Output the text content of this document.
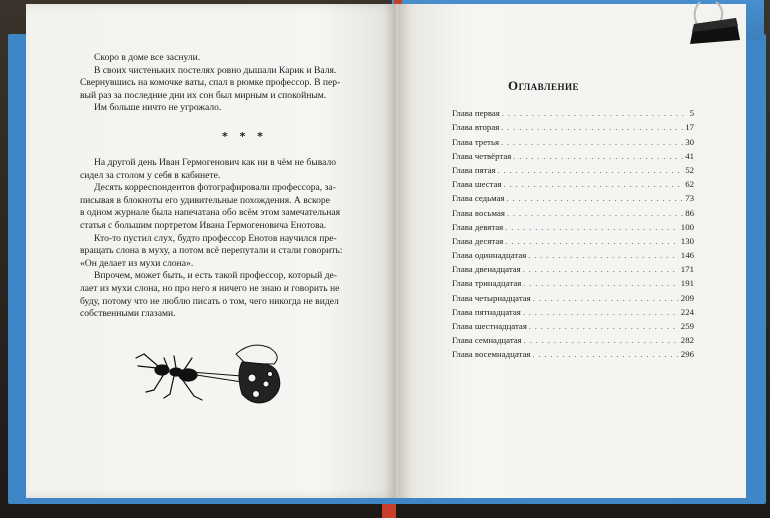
Скоро в доме все заснули.

В своих чистеньких постелях ровно дышали Карик и Валя.

Свернувшись на комочке ваты, спал в рюмке профессор. В пер-

вый раз за последние дни их сон был мирным и спокойным.

Им больше ничто не угрожало.

* * *

На другой день Иван Гермогенович как ни в чём не бывало

сидел за столом у себя в кабинете.

Десять корреспондентов фотографировали профессора, за-

писывая в блокноты его удивительные похождения. А вскоре

в одном журнале была напечатана обо всём этом замечательная

статья с большим портретом Ивана Гермогеновича Енотова.

Кто-то пустил слух, будто профессор Енотов научился пре-

вращать слона в муху, а потом всё перепутали и стали говорить:

«Он делает из мухи слона».

Впрочем, может быть, и есть такой профессор, который де-

лает из мухи слона, но про него я ничего не знаю и говорить не

буду, потому что не люблю писать о том, чего никогда не видел

собственными глазами.

Оглавление
Глава первая . . .	5
Глава вторая . . .	17
Глава третья . . .	30
Глава четвёртая . . .	41
Глава пятая . . .	52
Глава шестая . . .	62
Глава седьмая . . .	73
Глава восьмая . . .	86
Глава девятая . . .	100
Глава десятая . . .	130
Глава одиннадцатая . . .	146
Глава двенадцатая . . .	171
Глава тринадцатая . . .	191
Глава четырнадцатая . . .	209
Глава пятнадцатая . . .	224
Глава шестнадцатая . . .	259
Глава семнадцатая . . .	282
Глава восемнадцатая . . .	296
